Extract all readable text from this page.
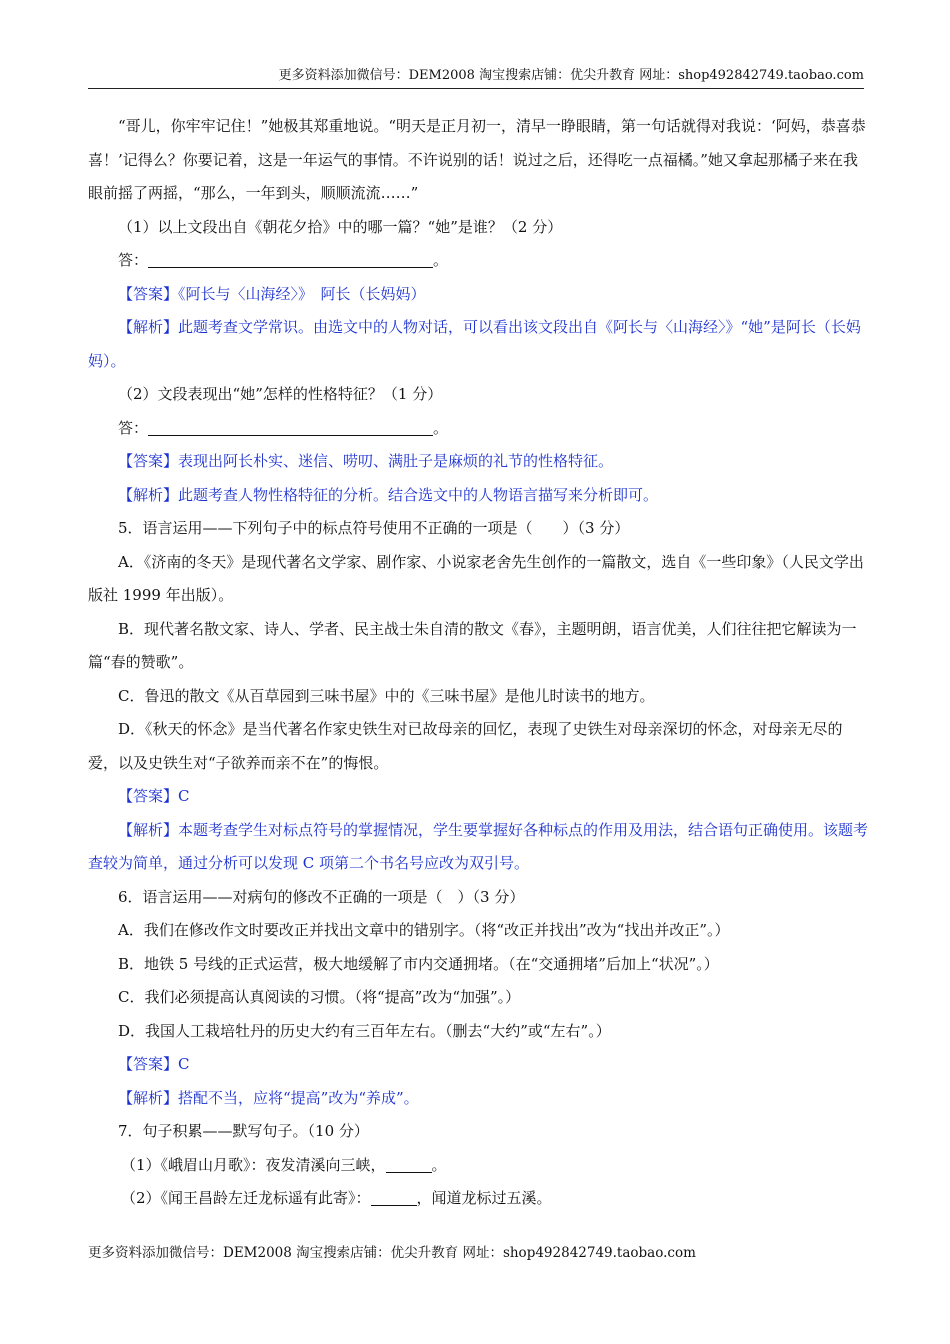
更多资料添加微信号：DEM2008 淘宝搜索店铺：优尖升教育 网址：shop492842749.taobao.com

“哥儿，你牢牢记住！”她极其郑重地说。“明天是正月初一，清早一睁眼睛，第一句话就得对我说：‘阿妈，恭喜恭喜！’记得么？你要记着，这是一年运气的事情。不许说别的话！说过之后，还得吃一点福橘。”她又拿起那橘子来在我眼前摇了两摇，“那么，一年到头，顺顺流流……”

（1）以上文段出自《朝花夕拾》中的哪一篇？“她”是谁？（2 分）

答：	。

【答案】《阿长与〈山海经〉》　阿长（长妈妈）

【解析】此题考查文学常识。由选文中的人物对话，可以看出该文段出自《阿长与〈山海经〉》“她”是阿长（长妈妈）。

（2）文段表现出“她”怎样的性格特征？（1 分）

答：	。

【答案】表现出阿长朴实、迷信、唠叨、满肚子是麻烦的礼节的性格特征。

【解析】此题考查人物性格特征的分析。结合选文中的人物语言描写来分析即可。

5．语言运用——下列句子中的标点符号使用不正确的一项是（　　）（3 分）

A．《济南的冬天》是现代著名文学家、剧作家、小说家老舍先生创作的一篇散文，选自《一些印象》（人民文学出版社 1999 年出版）。

B．现代著名散文家、诗人、学者、民主战士朱自清的散文《春》，主题明朗，语言优美，人们往往把它解读为一篇“春的赞歌”。

C．鲁迅的散文《从百草园到三味书屋》中的《三味书屋》是他儿时读书的地方。

D．《秋天的怀念》是当代著名作家史铁生对已故母亲的回忆，表现了史铁生对母亲深切的怀念，对母亲无尽的爱，以及史铁生对“子欲养而亲不在”的悔恨。

【答案】C

【解析】本题考查学生对标点符号的掌握情况，学生要掌握好各种标点的作用及用法，结合语句正确使用。该题考查较为简单，通过分析可以发现 C 项第二个书名号应改为双引号。

6．语言运用——对病句的修改不正确的一项是（　）（3 分）

A．我们在修改作文时要改正并找出文章中的错别字。（将“改正并找出”改为“找出并改正”。）

B．地铁 5 号线的正式运营，极大地缓解了市内交通拥堵。（在“交通拥堵”后加上“状况”。）

C．我们必须提高认真阅读的习惯。（将“提高”改为“加强”。）

D．我国人工栽培牡丹的历史大约有三百年左右。（删去“大约”或“左右”。）

【答案】C

【解析】搭配不当，应将“提高”改为“养成”。

7．句子积累——默写句子。（10 分）

（1）《峨眉山月歌》：夜发清溪向三峡，	。

（2）《闻王昌龄左迁龙标遥有此寄》：	，闻道龙标过五溪。

更多资料添加微信号：DEM2008 淘宝搜索店铺：优尖升教育 网址：shop492842749.taobao.com
